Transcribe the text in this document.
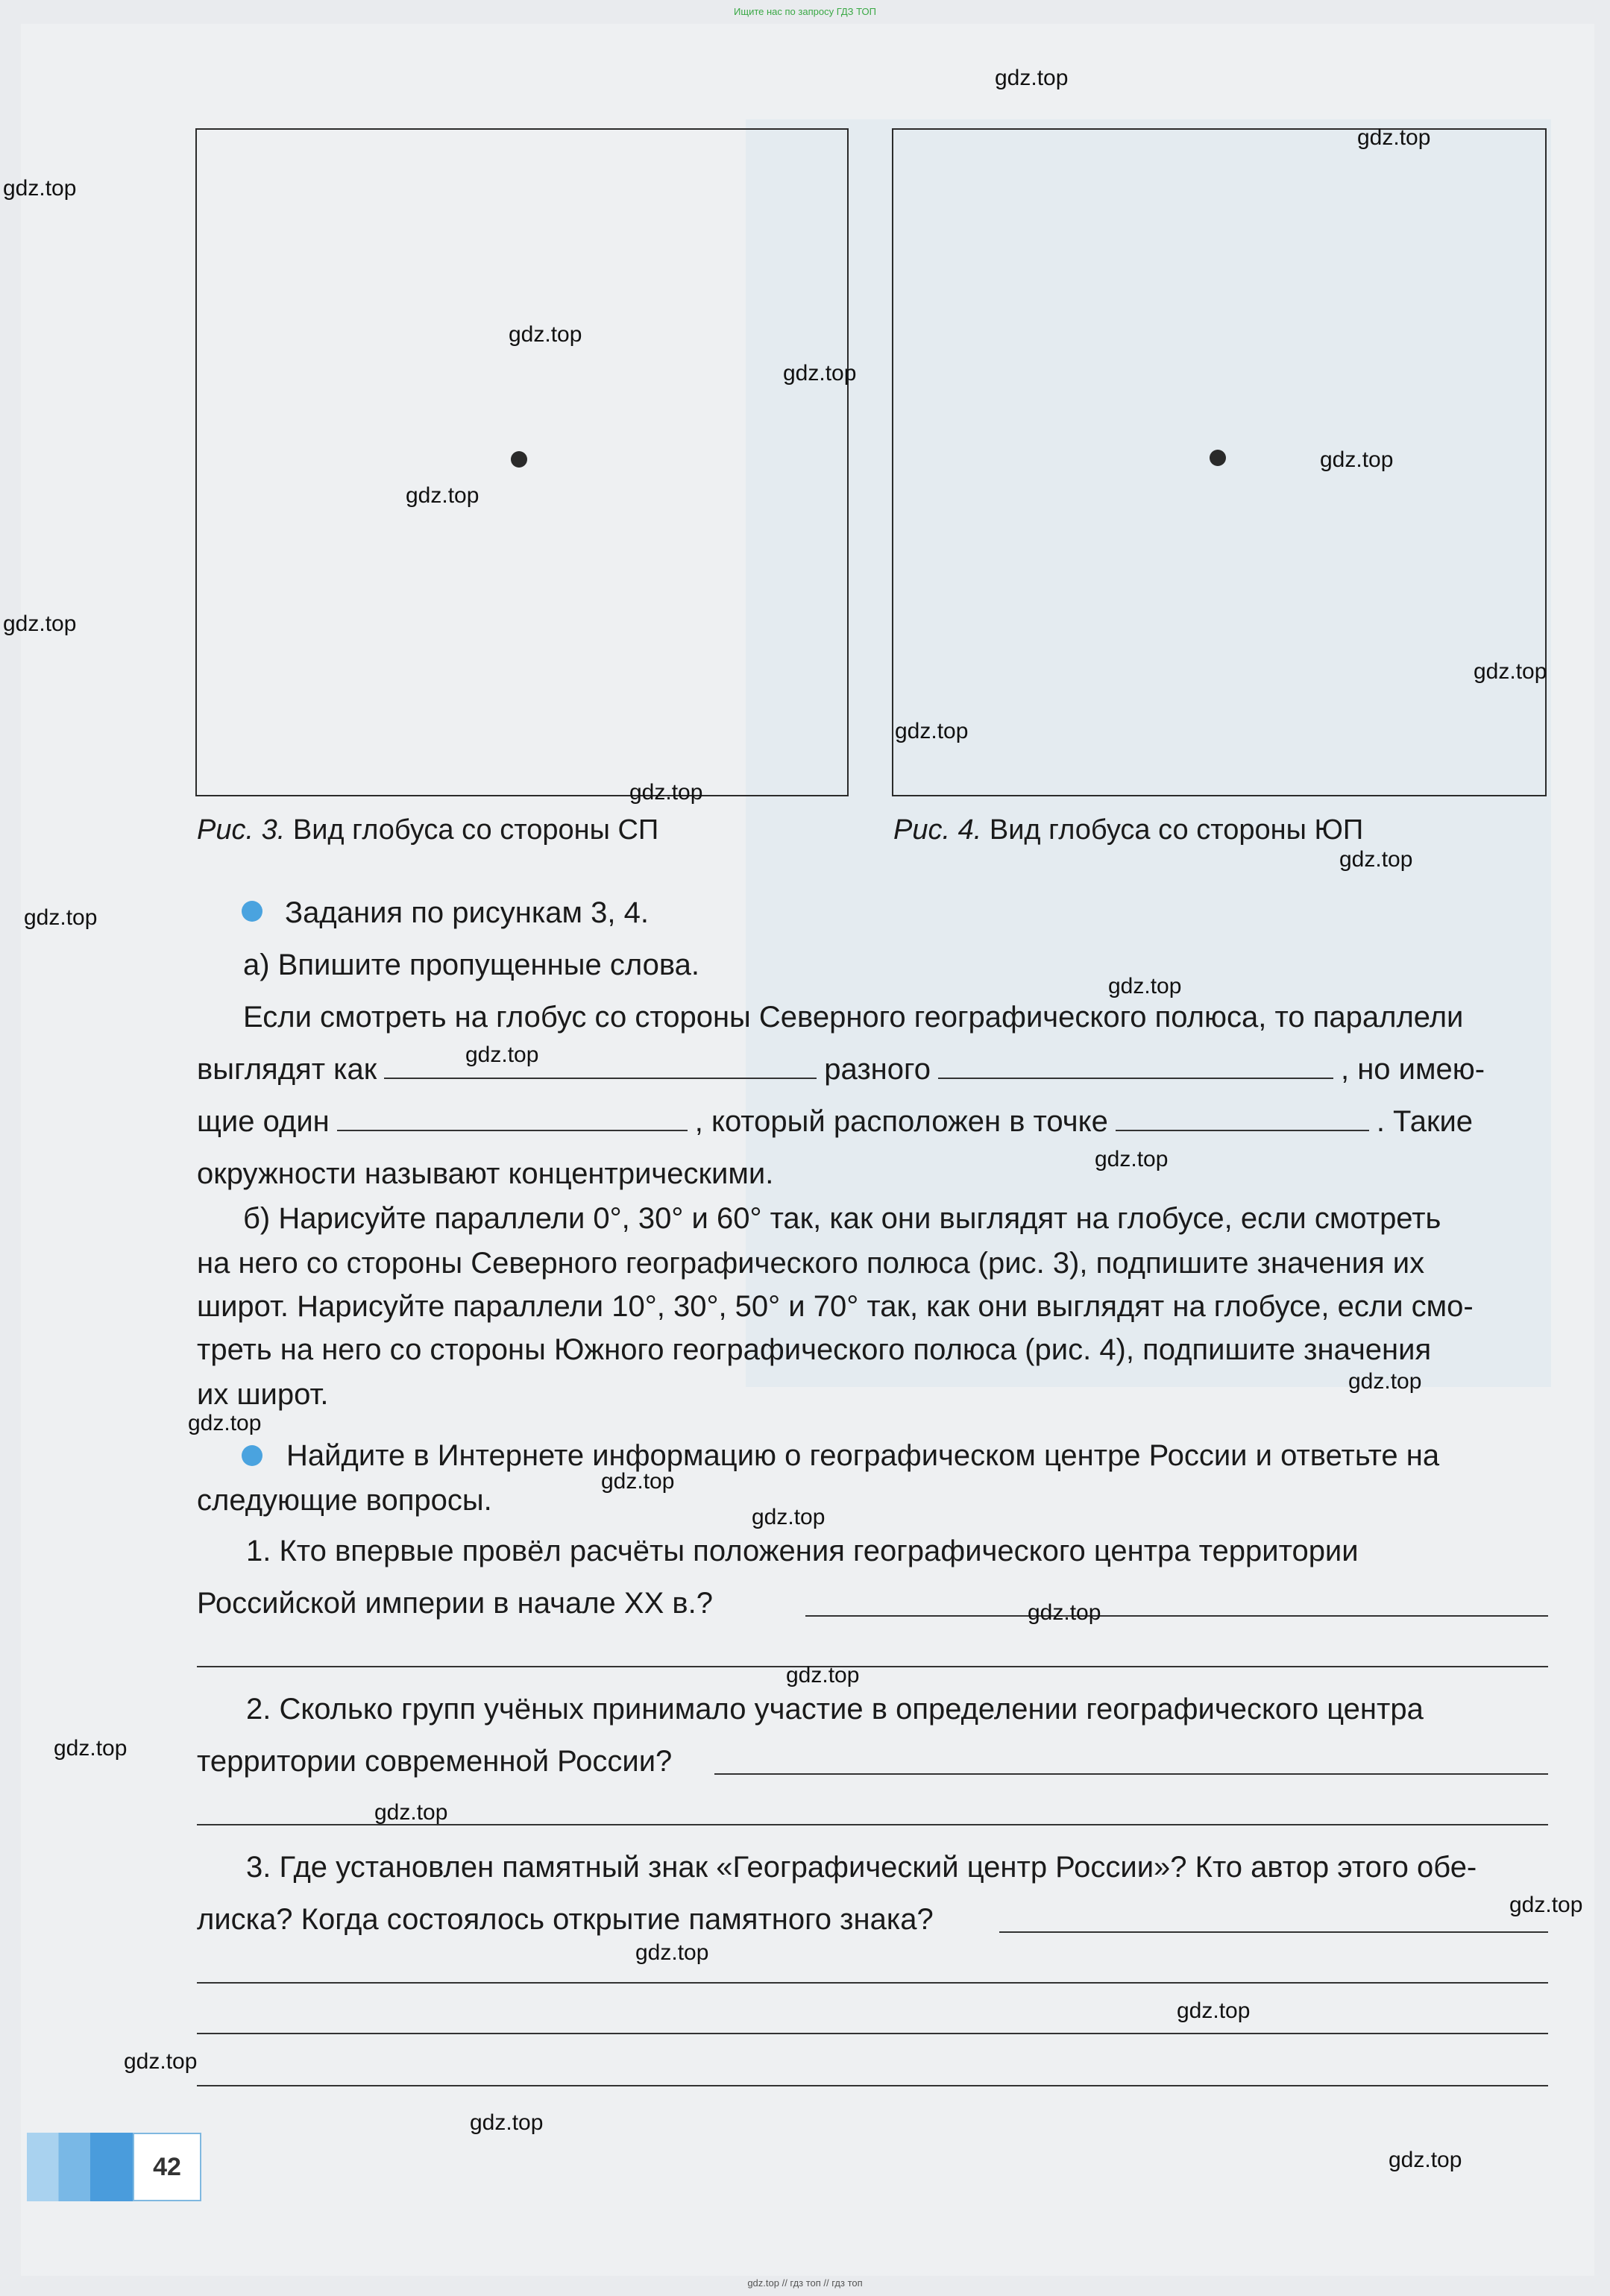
Ищите нас по запросу ГДЗ ТОП
Рис. 3. Вид глобуса со стороны СП	Рис. 4. Вид глобуса со стороны ЮП
Задания по рисункам 3, 4.
а) Впишите пропущенные слова.
Если смотреть на глобус со стороны Северного географического полюса, то параллели
выглядят как	разного	, но имею-
щие один	, который расположен в точке	. Такие
окружности называют концентрическими.
б) Нарисуйте параллели 0°, 30° и 60° так, как они выглядят на глобусе, если смотреть
на него со стороны Северного географического полюса (рис. 3), подпишите значения их
широт. Нарисуйте параллели 10°, 30°, 50° и 70° так, как они выглядят на глобусе, если смо-
треть на него со стороны Южного географического полюса (рис. 4), подпишите значения
их широт.
Найдите в Интернете информацию о географическом центре России и ответьте на
следующие вопросы.
1. Кто впервые провёл расчёты положения географического центра территории
Российской империи в начале XX в.?
2. Сколько групп учёных принимало участие в определении географического центра
территории современной России?
3. Где установлен памятный знак «Географический центр России»? Кто автор этого обе-
лиска? Когда состоялось открытие памятного знака?
42
gdz.top
gdz.top
gdz.top
gdz.top
gdz.top
gdz.top
gdz.top
gdz.top
gdz.top
gdz.top
gdz.top
gdz.top
gdz.top
gdz.top
gdz.top
gdz.top
gdz.top
gdz.top
gdz.top
gdz.top
gdz.top
gdz.top
gdz.top
gdz.top
gdz.top
gdz.top
gdz.top
gdz.top
gdz.top
gdz.top
gdz.top // гдз топ // гдз топ
